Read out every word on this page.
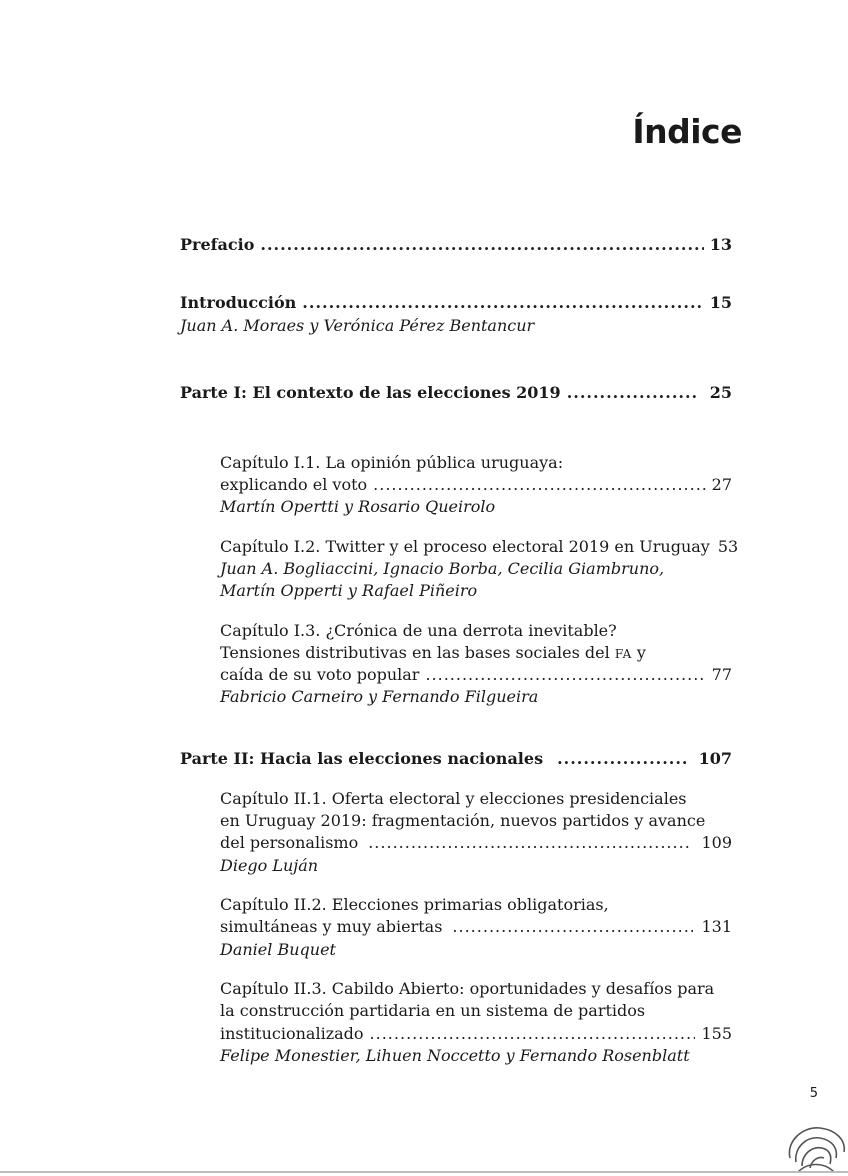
Índice
Prefacio .....	13
Introducción .....	15
Juan A. Moraes y Verónica Pérez Bentancur
Parte I: El contexto de las elecciones 2019 .....	25
Capítulo I.1. La opinión pública uruguaya:
explicando el voto .....	27
Martín Opertti y Rosario Queirolo
Capítulo I.2. Twitter y el proceso electoral 2019 en Uruguay 53
Juan A. Bogliaccini, Ignacio Borba, Cecilia Giambruno,
Martín Opperti y Rafael Piñeiro
Capítulo I.3. ¿Crónica de una derrota inevitable?
Tensiones distributivas en las bases sociales del FA y
caída de su voto popular .....	77
Fabricio Carneiro y Fernando Filgueira
Parte II: Hacia las elecciones nacionales .....	107
Capítulo II.1. Oferta electoral y elecciones presidenciales
en Uruguay 2019: fragmentación, nuevos partidos y avance
del personalismo .....	109
Diego Luján
Capítulo II.2. Elecciones primarias obligatorias,
simultáneas y muy abiertas .....	131
Daniel Buquet
Capítulo II.3. Cabildo Abierto: oportunidades y desafíos para
la construcción partidaria en un sistema de partidos
institucionalizado .....	155
Felipe Monestier, Lihuen Noccetto y Fernando Rosenblatt
5
